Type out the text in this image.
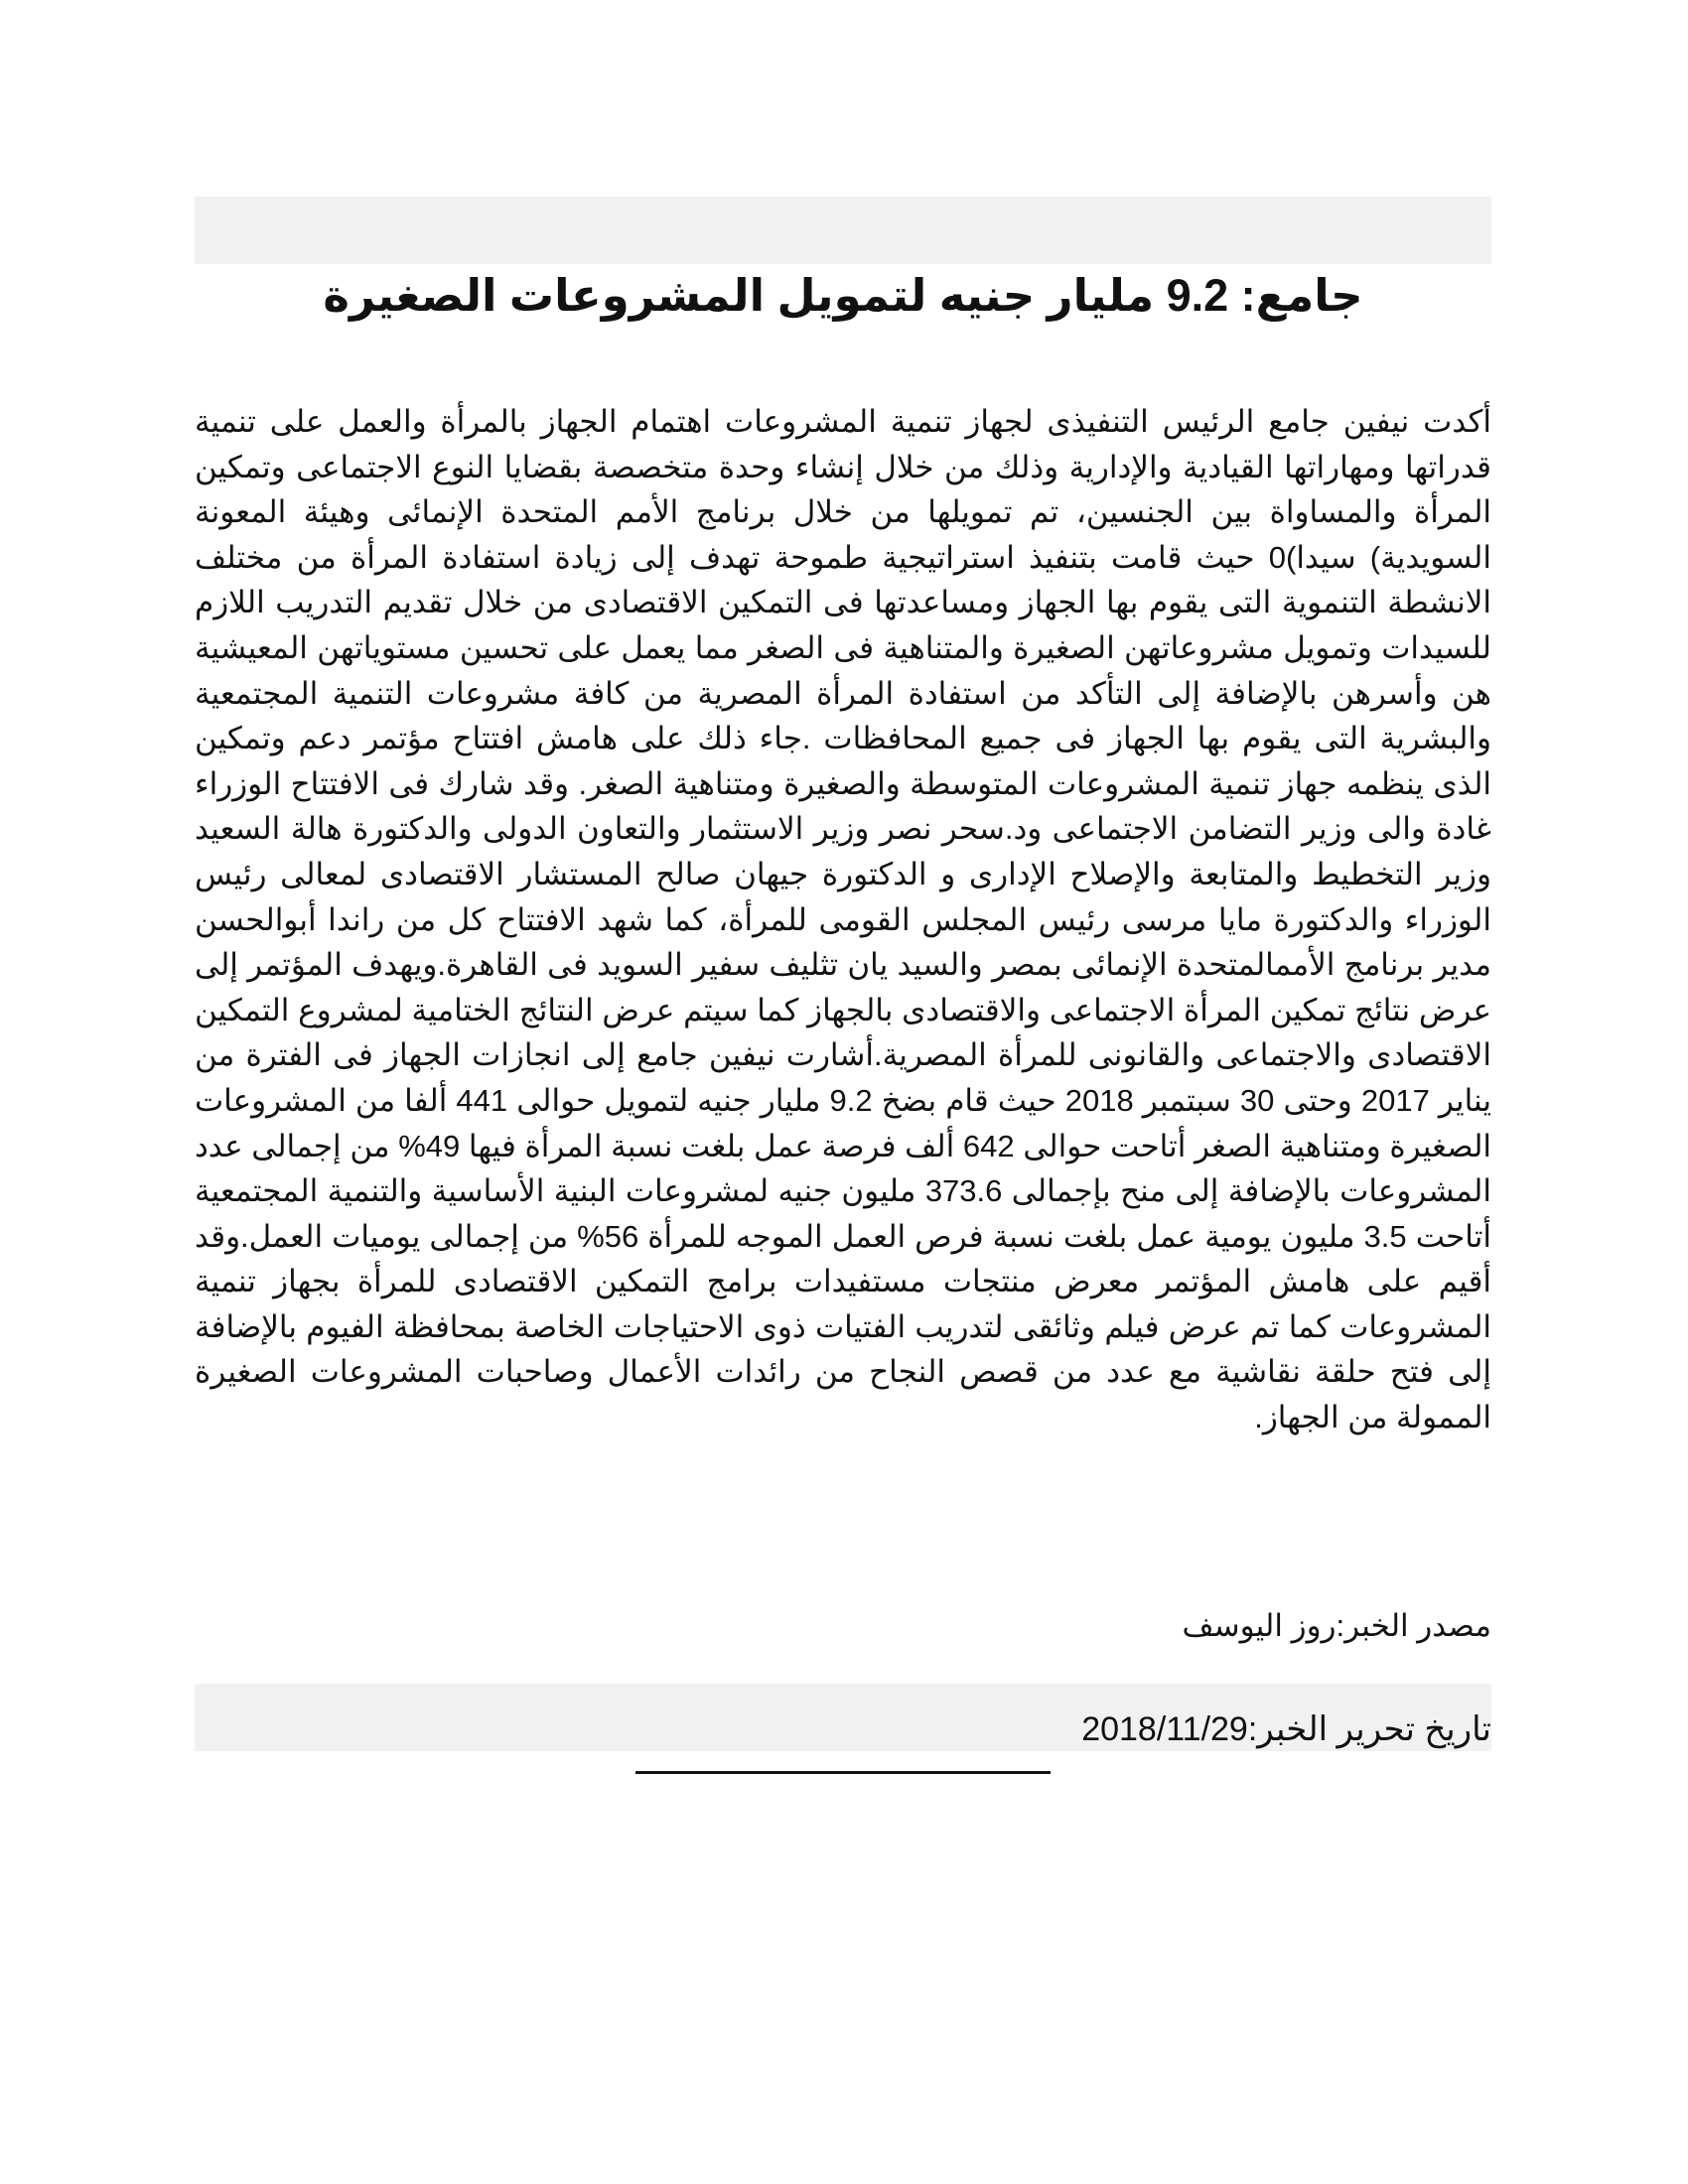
جامع: 9.2 مليار جنيه لتمويل المشروعات الصغيرة

أكدت نيفين جامع الرئيس التنفيذى لجهاز تنمية المشروعات اهتمام الجهاز بالمرأة والعمل على تنمية قدراتها ومهاراتها القيادية والإدارية وذلك من خلال إنشاء وحدة متخصصة بقضايا النوع الاجتماعى وتمكين المرأة والمساواة بين الجنسين، تم تمويلها من خلال برنامج الأمم المتحدة الإنمائى وهيئة المعونة السويدية) سيدا)0 حيث قامت بتنفيذ استراتيجية طموحة تهدف إلى زيادة استفادة المرأة من مختلف الانشطة التنموية التى يقوم بها الجهاز ومساعدتها فى التمكين الاقتصادى من خلال تقديم التدريب اللازم للسيدات وتمويل مشروعاتهن الصغيرة والمتناهية فى الصغر مما يعمل على تحسين مستوياتهن المعيشية هن وأسرهن بالإضافة إلى التأكد من استفادة المرأة المصرية من كافة مشروعات التنمية المجتمعية والبشرية التى يقوم بها الجهاز فى جميع المحافظات .جاء ذلك على هامش افتتاح مؤتمر دعم وتمكين الذى ينظمه جهاز تنمية المشروعات المتوسطة والصغيرة ومتناهية الصغر. وقد شارك فى الافتتاح الوزراء غادة والى وزير التضامن الاجتماعى ود.سحر نصر وزير الاستثمار والتعاون الدولى والدكتورة هالة السعيد وزير التخطيط والمتابعة والإصلاح الإدارى و الدكتورة جيهان صالح المستشار الاقتصادى لمعالى رئيس الوزراء والدكتورة مايا مرسى رئيس المجلس القومى للمرأة، كما شهد الافتتاح كل من راندا أبوالحسن مدير برنامج الأممالمتحدة الإنمائى بمصر والسيد يان تثليف سفير السويد فى القاهرة.ويهدف المؤتمر إلى عرض نتائج تمكين المرأة الاجتماعى والاقتصادى بالجهاز كما سيتم عرض النتائج الختامية لمشروع التمكين الاقتصادى والاجتماعى والقانونى للمرأة المصرية.أشارت نيفين جامع إلى انجازات الجهاز فى الفترة من يناير 2017 وحتى 30 سبتمبر 2018 حيث قام بضخ 9.2 مليار جنيه لتمويل حوالى 441 ألفا من المشروعات الصغيرة ومتناهية الصغر أتاحت حوالى 642 ألف فرصة عمل بلغت نسبة المرأة فيها 49% من إجمالى عدد المشروعات بالإضافة إلى منح بإجمالى 373.6 مليون جنيه لمشروعات البنية الأساسية والتنمية المجتمعية أتاحت 3.5 مليون يومية عمل بلغت نسبة فرص العمل الموجه للمرأة 56% من إجمالى يوميات العمل.وقد أقيم على هامش المؤتمر معرض منتجات مستفيدات برامج التمكين الاقتصادى للمرأة بجهاز تنمية المشروعات كما تم عرض فيلم وثائقى لتدريب الفتيات ذوى الاحتياجات الخاصة بمحافظة الفيوم بالإضافة إلى فتح حلقة نقاشية مع عدد من قصص النجاح من رائدات الأعمال وصاحبات المشروعات الصغيرة الممولة من الجهاز.

مصدر الخبر:روز اليوسف

تاريخ تحرير الخبر:2018/11/29
